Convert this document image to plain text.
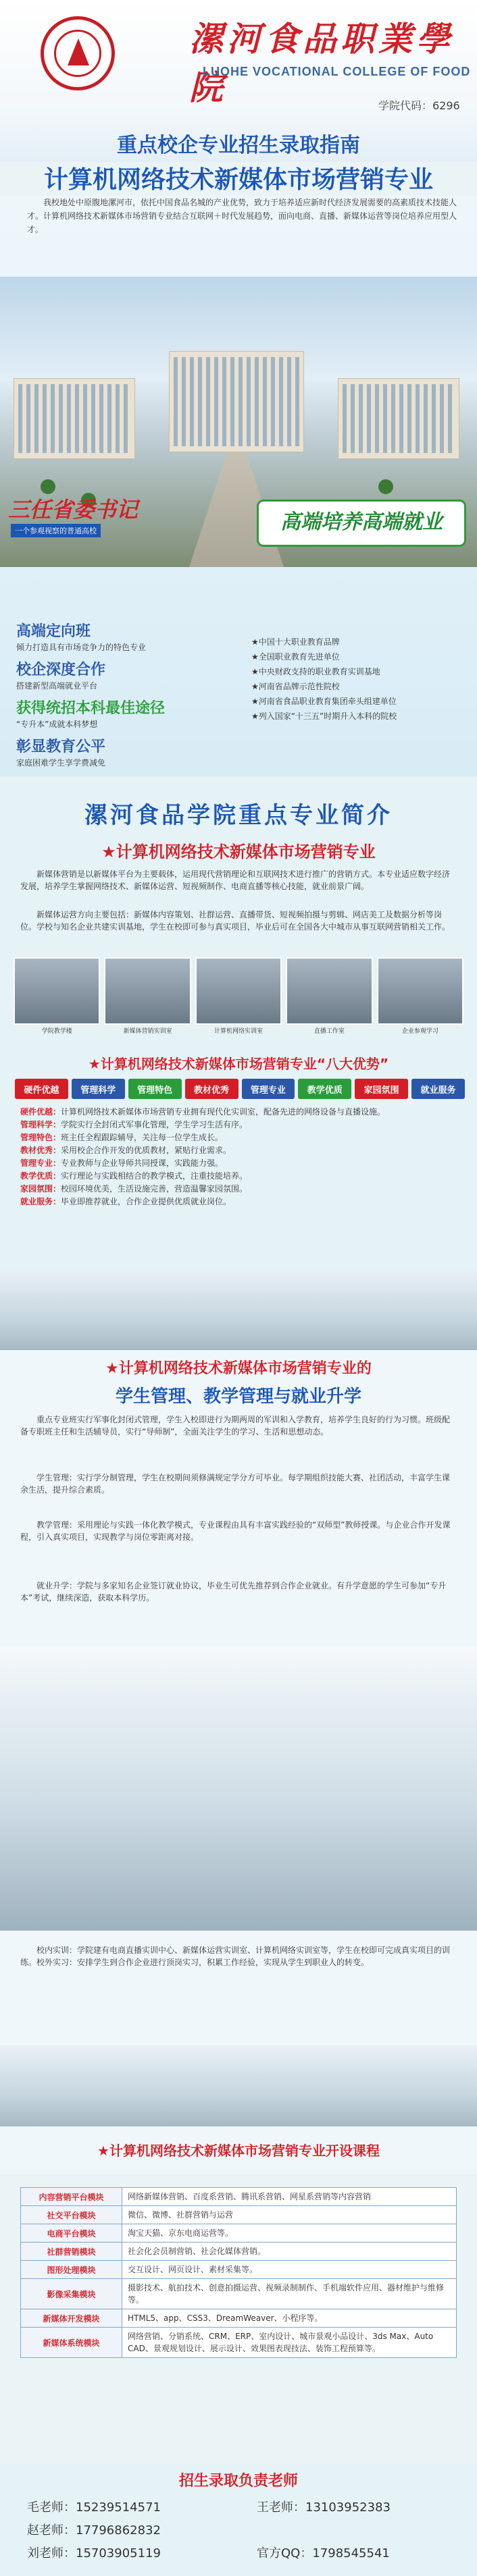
漯河食品职業學院
LUOHE VOCATIONAL COLLEGE OF FOOD
学院代码：6296
重点校企专业招生录取指南
计算机网络技术新媒体市场营销专业
我校地处中原腹地漯河市，依托中国食品名城的产业优势，致力于培养适应新时代经济发展需要的高素质技术技能人才。计算机网络技术新媒体市场营销专业结合互联网＋时代发展趋势，面向电商、直播、新媒体运营等岗位培养应用型人才。
三任省委书记
一个参观视察的普通高校	高端培养高端就业
高端定向班
倾力打造具有市场竞争力的特色专业
校企深度合作
搭建新型高端就业平台
获得统招本科最佳途径
“专升本”成就本科梦想
彰显教育公平
家庭困难学生享学费减免
★中国十大职业教育品牌
★全国职业教育先进单位
★中央财政支持的职业教育实训基地
★河南省品牌示范性院校
★河南省食品职业教育集团牵头组建单位
★列入国家“十三五”时期升入本科的院校
漯河食品学院重点专业简介
★计算机网络技术新媒体市场营销专业
新媒体营销是以新媒体平台为主要载体，运用现代营销理论和互联网技术进行推广的营销方式。本专业适应数字经济发展，培养学生掌握网络技术、新媒体运营、短视频制作、电商直播等核心技能，就业前景广阔。
新媒体运营方向主要包括：新媒体内容策划、社群运营、直播带货、短视频拍摄与剪辑、网店美工及数据分析等岗位。学校与知名企业共建实训基地，学生在校即可参与真实项目，毕业后可在全国各大中城市从事互联网营销相关工作。
学院教学楼	新媒体营销实训室	计算机网络实训室	直播工作室	企业参观学习
★计算机网络技术新媒体市场营销专业“八大优势”
硬件优越	管理科学	管理特色	教材优秀	管理专业	教学优质	家园氛围	就业服务
硬件优越：计算机网络技术新媒体市场营销专业拥有现代化实训室，配备先进的网络设备与直播设施。
管理科学：学院实行全封闭式军事化管理，学生学习生活有序。
管理特色：班主任全程跟踪辅导，关注每一位学生成长。
教材优秀：采用校企合作开发的优质教材，紧贴行业需求。
管理专业：专业教师与企业导师共同授课，实践能力强。
教学优质：实行理论与实践相结合的教学模式，注重技能培养。
家园氛围：校园环境优美，生活设施完善，营造温馨家园氛围。
就业服务：毕业即推荐就业，合作企业提供优质就业岗位。
★计算机网络技术新媒体市场营销专业的
学生管理、教学管理与就业升学
重点专业班实行军事化封闭式管理，学生入校即进行为期两周的军训和入学教育，培养学生良好的行为习惯。班级配备专职班主任和生活辅导员，实行“导师制”，全面关注学生的学习、生活和思想动态。
学生管理：实行学分制管理，学生在校期间须修满规定学分方可毕业。每学期组织技能大赛、社团活动，丰富学生课余生活，提升综合素质。
教学管理：采用理论与实践一体化教学模式，专业课程由具有丰富实践经验的“双师型”教师授课。与企业合作开发课程，引入真实项目，实现教学与岗位零距离对接。
就业升学：学院与多家知名企业签订就业协议，毕业生可优先推荐到合作企业就业。有升学意愿的学生可参加“专升本”考试，继续深造，获取本科学历。
校内实训：学院建有电商直播实训中心、新媒体运营实训室、计算机网络实训室等，学生在校即可完成真实项目的训练。校外实习：安排学生到合作企业进行顶岗实习，积累工作经验，实现从学生到职业人的转变。
★计算机网络技术新媒体市场营销专业开设课程
内容营销平台模块	网络新媒体营销、百度系营销、腾讯系营销、网星系营销等内容营销
社交平台模块	微信、微博、社群营销与运营
电商平台模块	淘宝天猫、京东电商运营等。
社群营销模块	社会化会员制营销、社会化媒体营销。
图形处理模块	交互设计、网页设计、素材采集等。
影像采集模块	摄影技术、航拍技术、创意拍摄运营、视频录制制作、手机端软件应用、器材维护与维修等。
新媒体开发模块	HTML5、app、CSS3、DreamWeaver、小程序等。
新媒体系统模块	网络营销、分销系统、CRM、ERP、室内设计、城市景观小品设计、3ds Max、Auto CAD、景观规划设计、展示设计、效果图表现技法、装饰工程预算等。
招生录取负责老师
毛老师：15239514571	王老师：13103952383
赵老师：17796862832
刘老师：15703905119	官方QQ：1798545541
